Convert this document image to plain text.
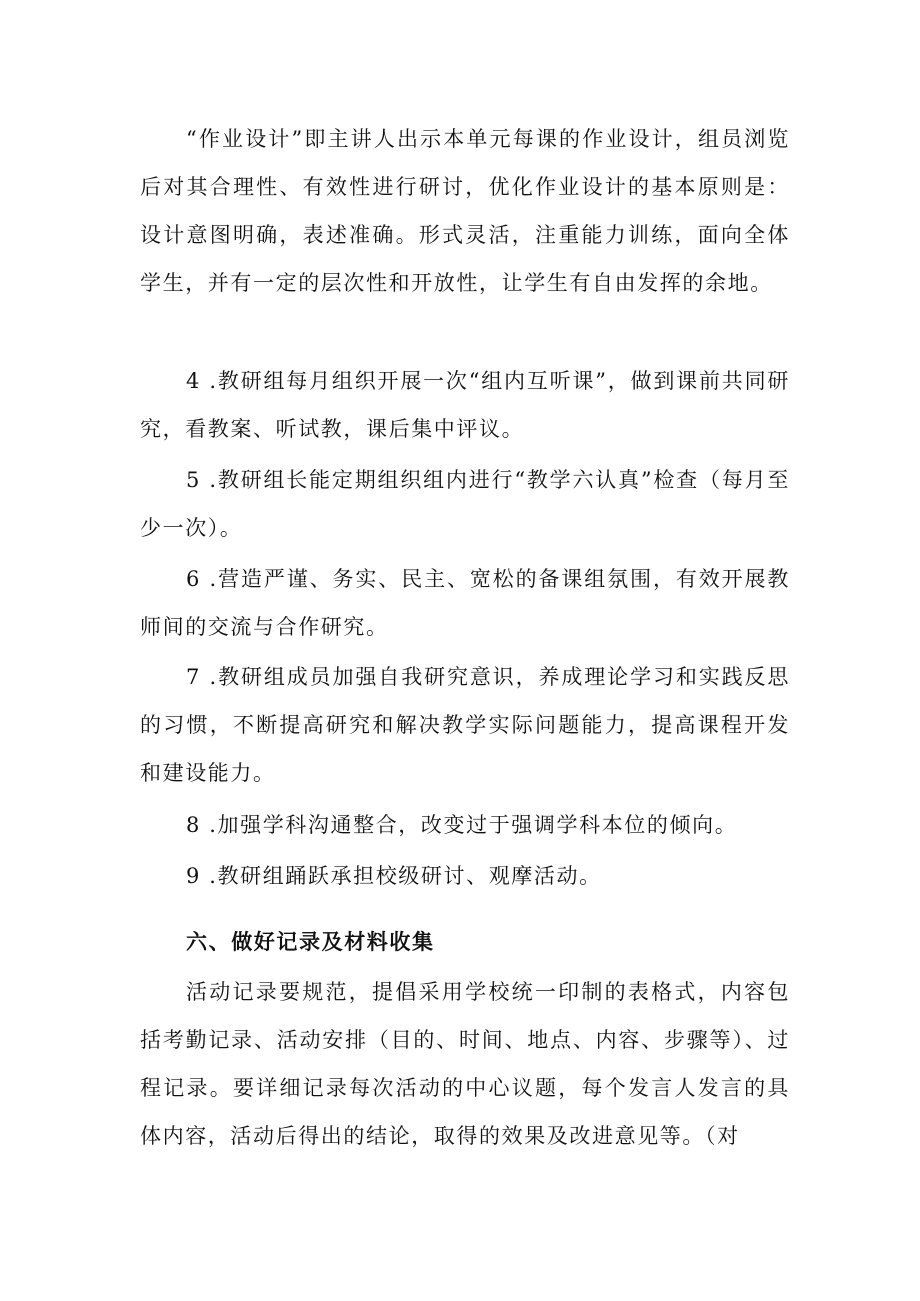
“作业设计”即主讲人出示本单元每课的作业设计，组员浏览后对其合理性、有效性进行研讨，优化作业设计的基本原则是：设计意图明确，表述准确。形式灵活，注重能力训练，面向全体学生，并有一定的层次性和开放性，让学生有自由发挥的余地。

4 .教研组每月组织开展一次“组内互听课”，做到课前共同研究，看教案、听试教，课后集中评议。

5 .教研组长能定期组织组内进行“教学六认真”检查（每月至少一次）。

6 .营造严谨、务实、民主、宽松的备课组氛围，有效开展教师间的交流与合作研究。

7 .教研组成员加强自我研究意识，养成理论学习和实践反思的习惯，不断提高研究和解决教学实际问题能力，提高课程开发和建设能力。

8 .加强学科沟通整合，改变过于强调学科本位的倾向。

9 .教研组踊跃承担校级研讨、观摩活动。

六、做好记录及材料收集

活动记录要规范，提倡采用学校统一印制的表格式，内容包括考勤记录、活动安排（目的、时间、地点、内容、步骤等）、过程记录。要详细记录每次活动的中心议题，每个发言人发言的具体内容，活动后得出的结论，取得的效果及改进意见等。（对
